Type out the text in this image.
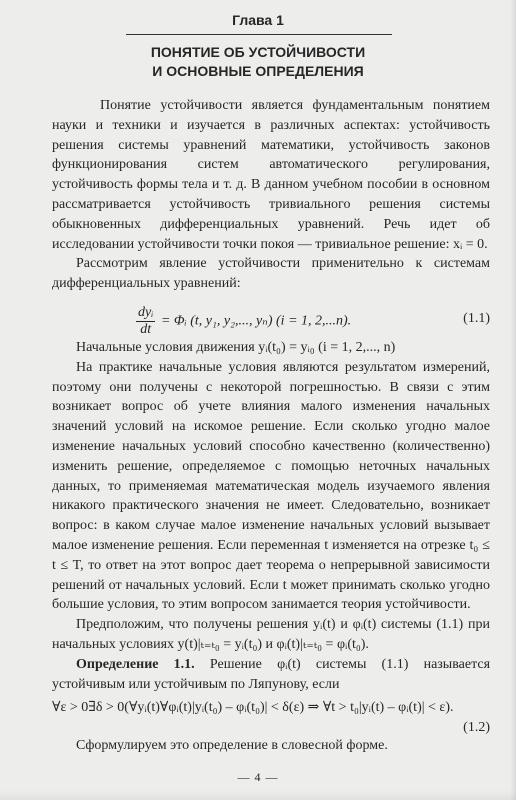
Глава 1
ПОНЯТИЕ ОБ УСТОЙЧИВОСТИ
И ОСНОВНЫЕ ОПРЕДЕЛЕНИЯ

Понятие устойчивости является фундаментальным понятием науки и техники и изучается в различных аспектах: устойчивость решения системы уравнений математики, устойчивость законов функционирования систем автоматического регулирования, устойчивость формы тела и т. д. В данном учебном пособии в основном рассматривается устойчивость тривиального решения системы обыкновенных дифференциальных уравнений. Речь идет об исследовании устойчивости точки покоя — тривиальное решение: xᵢ = 0.

Рассмотрим явление устойчивости применительно к системам дифференциальных уравнений:

$\frac{\text{dyᵢ}}{dt}$ = Φᵢ (t, y₁, y₂,..., yₙ) (i = 1, 2,...n).	(1.1)

Начальные условия движения yᵢ(t₀) = yᵢ₀ (i = 1, 2,..., n)

На практике начальные условия являются результатом измерений, поэтому они получены с некоторой погрешностью. В связи с этим возникает вопрос об учете влияния малого изменения начальных значений условий на искомое решение. Если сколько угодно малое изменение начальных условий способно качественно (количественно) изменить решение, определяемое с помощью неточных начальных данных, то применяемая математическая модель изучаемого явления никакого практического значения не имеет. Следовательно, возникает вопрос: в каком случае малое изменение начальных условий вызывает малое изменение решения. Если переменная t изменяется на отрезке t₀ ≤ t ≤ T, то ответ на этот вопрос дает теорема о непрерывной зависимости решений от начальных условий. Если t может принимать сколько угодно большие условия, то этим вопросом занимается теория устойчивости.

Предположим, что получены решения yᵢ(t) и φᵢ(t) системы (1.1) при начальных условиях y(t)|ₜ₌ₜ₀ = yᵢ(t₀) и φᵢ(t)|ₜ₌ₜ₀ = φᵢ(t₀).

Определение 1.1. Решение φᵢ(t) системы (1.1) называется устойчивым или устойчивым по Ляпунову, если

∀ε > 0∃δ > 0(∀yᵢ(t)∀φᵢ(t)|yᵢ(t₀) – φᵢ(t₀)| < δ(ε) ⇒ ∀t > t₀|yᵢ(t) – φᵢ(t)| < ε).
(1.2)

Сформулируем это определение в словесной форме.

— 4 —
